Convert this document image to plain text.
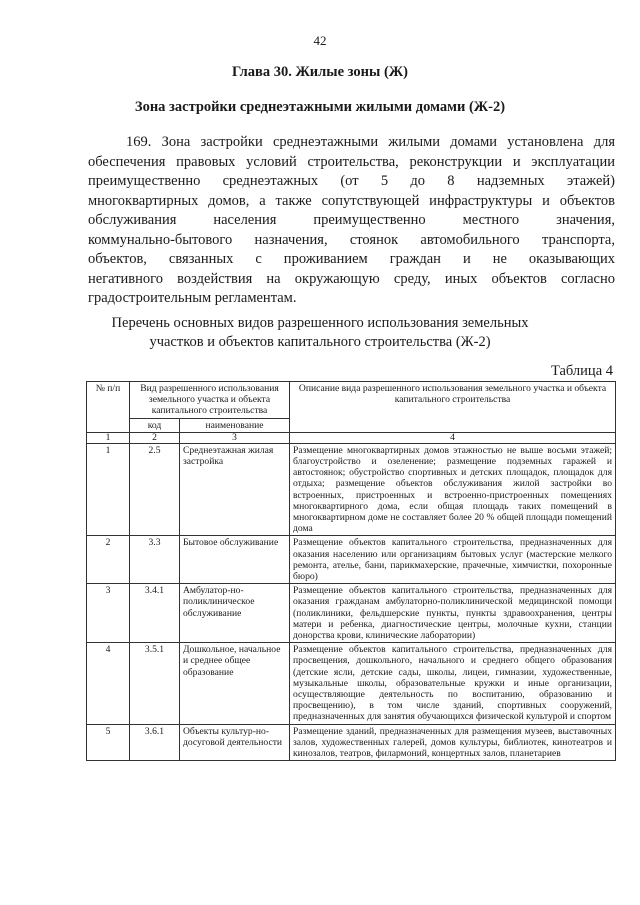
42
Глава 30. Жилые зоны (Ж)
Зона застройки среднеэтажными жилыми домами (Ж-2)
169. Зона застройки среднеэтажными жилыми домами установлена для
обеспечения правовых условий строительства, реконструкции и эксплуатации
преимущественно среднеэтажных (от 5 до 8 надземных этажей)
многоквартирных домов, а также сопутствующей инфраструктуры и объектов
обслуживания населения преимущественно местного значения,
коммунально-бытового назначения, стоянок автомобильного транспорта,
объектов, связанных с проживанием граждан и не оказывающих
негативного воздействия на окружающую среду, иных объектов согласно
градостроительным регламентам.
Перечень основных видов разрешенного использования земельных
участков и объектов капитального строительства (Ж-2)
Таблица 4
№ п/п	Вид разрешенного использования земельного участка и объекта капитального строительства		Описание вида разрешенного использования земельного участка и объекта капитального строительства
	код	наименование	
1	2	3	4
1	2.5	Среднеэтажная жилая застройка	Размещение многоквартирных домов этажностью не выше восьми этажей; благоустройство и озеленение; размещение подземных гаражей и автостоянок; обустройство спортивных и детских площадок, площадок для отдыха; размещение объектов обслуживания жилой застройки во встроенных, пристроенных и встроенно-пристроенных помещениях многоквартирного дома, если общая площадь таких помещений в многоквартирном доме не составляет более 20 % общей площади помещений дома
2	3.3	Бытовое обслуживание	Размещение объектов капитального строительства, предназначенных для оказания населению или организациям бытовых услуг (мастерские мелкого ремонта, ателье, бани, парикмахерские, прачечные, химчистки, похоронные бюро)
3	3.4.1	Амбулатор-но-поликлиническое обслуживание	Размещение объектов капитального строительства, предназначенных для оказания гражданам амбулаторно-поликлинической медицинской помощи (поликлиники, фельдшерские пункты, пункты здравоохранения, центры матери и ребенка, диагностические центры, молочные кухни, станции донорства крови, клинические лаборатории)
4	3.5.1	Дошкольное, начальное и среднее общее образование	Размещение объектов капитального строительства, предназначенных для просвещения, дошкольного, начального и среднего общего образования (детские ясли, детские сады, школы, лицеи, гимназии, художественные, музыкальные школы, образовательные кружки и иные организации, осуществляющие деятельность по воспитанию, образованию и просвещению), в том числе зданий, спортивных сооружений, предназначенных для занятия обучающихся физической культурой и спортом
5	3.6.1	Объекты культур-но-досуговой деятельности	Размещение зданий, предназначенных для размещения музеев, выставочных залов, художественных галерей, домов культуры, библиотек, кинотеатров и кинозалов, театров, филармоний, концертных залов, планетариев
